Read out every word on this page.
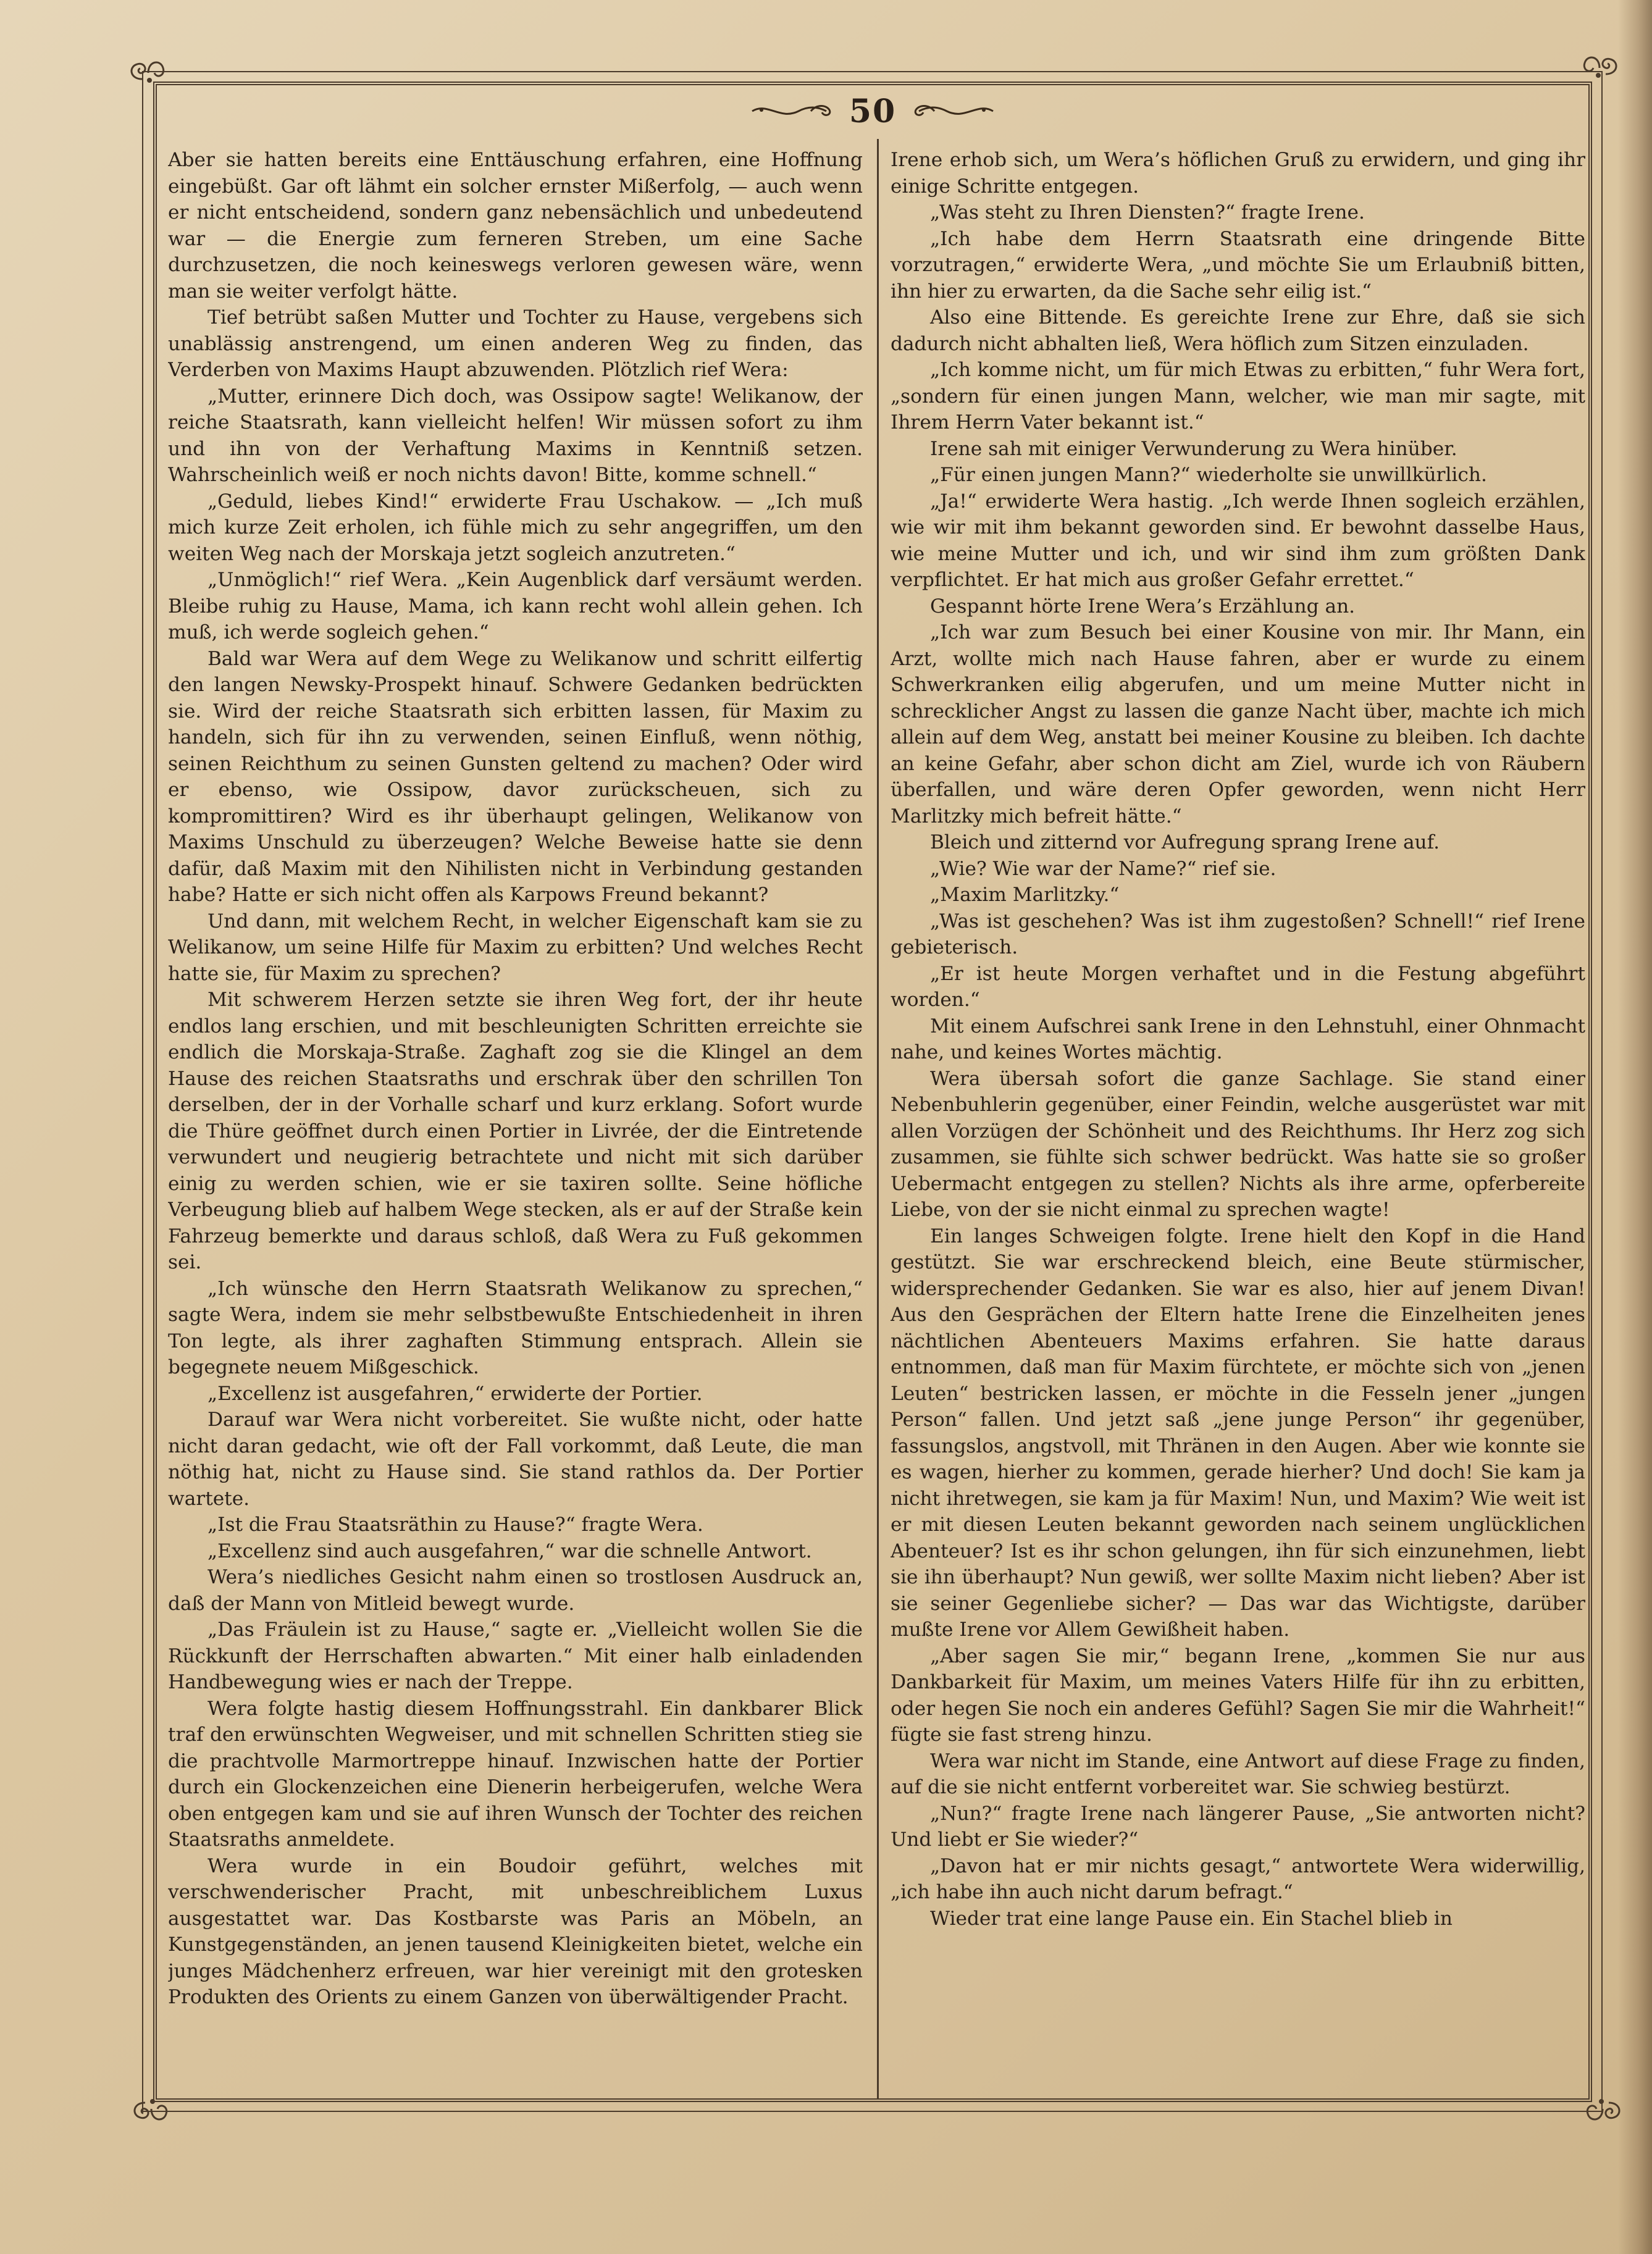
50

Aber sie hatten bereits eine Enttäuschung erfahren, eine Hoffnung eingebüßt. Gar oft lähmt ein solcher ernster Mißerfolg, — auch wenn er nicht entscheidend, sondern ganz nebensächlich und unbedeutend war — die Energie zum ferneren Streben, um eine Sache durchzusetzen, die noch keineswegs verloren gewesen wäre, wenn man sie weiter verfolgt hätte.

Tief betrübt saßen Mutter und Tochter zu Hause, vergebens sich unablässig anstrengend, um einen anderen Weg zu finden, das Verderben von Maxims Haupt abzuwenden. Plötzlich rief Wera:

„Mutter, erinnere Dich doch, was Ossipow sagte! Welikanow, der reiche Staatsrath, kann vielleicht helfen! Wir müssen sofort zu ihm und ihn von der Verhaftung Maxims in Kenntniß setzen. Wahrscheinlich weiß er noch nichts davon! Bitte, komme schnell.“

„Geduld, liebes Kind!“ erwiderte Frau Uschakow. — „Ich muß mich kurze Zeit erholen, ich fühle mich zu sehr angegriffen, um den weiten Weg nach der Morskaja jetzt sogleich anzutreten.“

„Unmöglich!“ rief Wera. „Kein Augenblick darf versäumt werden. Bleibe ruhig zu Hause, Mama, ich kann recht wohl allein gehen. Ich muß, ich werde sogleich gehen.“

Bald war Wera auf dem Wege zu Welikanow und schritt eilfertig den langen Newsky-Prospekt hinauf. Schwere Gedanken bedrückten sie. Wird der reiche Staatsrath sich erbitten lassen, für Maxim zu handeln, sich für ihn zu verwenden, seinen Einfluß, wenn nöthig, seinen Reichthum zu seinen Gunsten geltend zu machen? Oder wird er ebenso, wie Ossipow, davor zurückscheuen, sich zu kompromittiren? Wird es ihr überhaupt gelingen, Welikanow von Maxims Unschuld zu überzeugen? Welche Beweise hatte sie denn dafür, daß Maxim mit den Nihilisten nicht in Verbindung gestanden habe? Hatte er sich nicht offen als Karpows Freund bekannt?

Und dann, mit welchem Recht, in welcher Eigenschaft kam sie zu Welikanow, um seine Hilfe für Maxim zu erbitten? Und welches Recht hatte sie, für Maxim zu sprechen?

Mit schwerem Herzen setzte sie ihren Weg fort, der ihr heute endlos lang erschien, und mit beschleunigten Schritten erreichte sie endlich die Morskaja-Straße. Zaghaft zog sie die Klingel an dem Hause des reichen Staatsraths und erschrak über den schrillen Ton derselben, der in der Vorhalle scharf und kurz erklang. Sofort wurde die Thüre geöffnet durch einen Portier in Livrée, der die Eintretende verwundert und neugierig betrachtete und nicht mit sich darüber einig zu werden schien, wie er sie taxiren sollte. Seine höfliche Verbeugung blieb auf halbem Wege stecken, als er auf der Straße kein Fahrzeug bemerkte und daraus schloß, daß Wera zu Fuß gekommen sei.

„Ich wünsche den Herrn Staatsrath Welikanow zu sprechen,“ sagte Wera, indem sie mehr selbstbewußte Entschiedenheit in ihren Ton legte, als ihrer zaghaften Stimmung entsprach. Allein sie begegnete neuem Mißgeschick.

„Excellenz ist ausgefahren,“ erwiderte der Portier.

Darauf war Wera nicht vorbereitet. Sie wußte nicht, oder hatte nicht daran gedacht, wie oft der Fall vorkommt, daß Leute, die man nöthig hat, nicht zu Hause sind. Sie stand rathlos da. Der Portier wartete.

„Ist die Frau Staatsräthin zu Hause?“ fragte Wera.

„Excellenz sind auch ausgefahren,“ war die schnelle Antwort.

Wera’s niedliches Gesicht nahm einen so trostlosen Ausdruck an, daß der Mann von Mitleid bewegt wurde.

„Das Fräulein ist zu Hause,“ sagte er. „Vielleicht wollen Sie die Rückkunft der Herrschaften abwarten.“ Mit einer halb einladenden Handbewegung wies er nach der Treppe.

Wera folgte hastig diesem Hoffnungsstrahl. Ein dankbarer Blick traf den erwünschten Wegweiser, und mit schnellen Schritten stieg sie die prachtvolle Marmortreppe hinauf. Inzwischen hatte der Portier durch ein Glockenzeichen eine Dienerin herbeigerufen, welche Wera oben entgegen kam und sie auf ihren Wunsch der Tochter des reichen Staatsraths anmeldete.

Wera wurde in ein Boudoir geführt, welches mit verschwenderischer Pracht, mit unbeschreiblichem Luxus ausgestattet war. Das Kostbarste was Paris an Möbeln, an Kunstgegenständen, an jenen tausend Kleinigkeiten bietet, welche ein junges Mädchenherz erfreuen, war hier vereinigt mit den grotesken Produkten des Orients zu einem Ganzen von überwältigender Pracht.

Irene erhob sich, um Wera’s höflichen Gruß zu erwidern, und ging ihr einige Schritte entgegen.

„Was steht zu Ihren Diensten?“ fragte Irene.

„Ich habe dem Herrn Staatsrath eine dringende Bitte vorzutragen,“ erwiderte Wera, „und möchte Sie um Erlaubniß bitten, ihn hier zu erwarten, da die Sache sehr eilig ist.“

Also eine Bittende. Es gereichte Irene zur Ehre, daß sie sich dadurch nicht abhalten ließ, Wera höflich zum Sitzen einzuladen.

„Ich komme nicht, um für mich Etwas zu erbitten,“ fuhr Wera fort, „sondern für einen jungen Mann, welcher, wie man mir sagte, mit Ihrem Herrn Vater bekannt ist.“

Irene sah mit einiger Verwunderung zu Wera hinüber.

„Für einen jungen Mann?“ wiederholte sie unwillkürlich.

„Ja!“ erwiderte Wera hastig. „Ich werde Ihnen sogleich erzählen, wie wir mit ihm bekannt geworden sind. Er bewohnt dasselbe Haus, wie meine Mutter und ich, und wir sind ihm zum größten Dank verpflichtet. Er hat mich aus großer Gefahr errettet.“

Gespannt hörte Irene Wera’s Erzählung an.

„Ich war zum Besuch bei einer Kousine von mir. Ihr Mann, ein Arzt, wollte mich nach Hause fahren, aber er wurde zu einem Schwerkranken eilig abgerufen, und um meine Mutter nicht in schrecklicher Angst zu lassen die ganze Nacht über, machte ich mich allein auf dem Weg, anstatt bei meiner Kousine zu bleiben. Ich dachte an keine Gefahr, aber schon dicht am Ziel, wurde ich von Räubern überfallen, und wäre deren Opfer geworden, wenn nicht Herr Marlitzky mich befreit hätte.“

Bleich und zitternd vor Aufregung sprang Irene auf.

„Wie? Wie war der Name?“ rief sie.

„Maxim Marlitzky.“

„Was ist geschehen? Was ist ihm zugestoßen? Schnell!“ rief Irene gebieterisch.

„Er ist heute Morgen verhaftet und in die Festung abgeführt worden.“

Mit einem Aufschrei sank Irene in den Lehnstuhl, einer Ohnmacht nahe, und keines Wortes mächtig.

Wera übersah sofort die ganze Sachlage. Sie stand einer Nebenbuhlerin gegenüber, einer Feindin, welche ausgerüstet war mit allen Vorzügen der Schönheit und des Reichthums. Ihr Herz zog sich zusammen, sie fühlte sich schwer bedrückt. Was hatte sie so großer Uebermacht entgegen zu stellen? Nichts als ihre arme, opferbereite Liebe, von der sie nicht einmal zu sprechen wagte!

Ein langes Schweigen folgte. Irene hielt den Kopf in die Hand gestützt. Sie war erschreckend bleich, eine Beute stürmischer, widersprechender Gedanken. Sie war es also, hier auf jenem Divan! Aus den Gesprächen der Eltern hatte Irene die Einzelheiten jenes nächtlichen Abenteuers Maxims erfahren. Sie hatte daraus entnommen, daß man für Maxim fürchtete, er möchte sich von „jenen Leuten“ bestricken lassen, er möchte in die Fesseln jener „jungen Person“ fallen. Und jetzt saß „jene junge Person“ ihr gegenüber, fassungslos, angstvoll, mit Thränen in den Augen. Aber wie konnte sie es wagen, hierher zu kommen, gerade hierher? Und doch! Sie kam ja nicht ihretwegen, sie kam ja für Maxim! Nun, und Maxim? Wie weit ist er mit diesen Leuten bekannt geworden nach seinem unglücklichen Abenteuer? Ist es ihr schon gelungen, ihn für sich einzunehmen, liebt sie ihn überhaupt? Nun gewiß, wer sollte Maxim nicht lieben? Aber ist sie seiner Gegenliebe sicher? — Das war das Wichtigste, darüber mußte Irene vor Allem Gewißheit haben.

„Aber sagen Sie mir,“ begann Irene, „kommen Sie nur aus Dankbarkeit für Maxim, um meines Vaters Hilfe für ihn zu erbitten, oder hegen Sie noch ein anderes Gefühl? Sagen Sie mir die Wahrheit!“ fügte sie fast streng hinzu.

Wera war nicht im Stande, eine Antwort auf diese Frage zu finden, auf die sie nicht entfernt vorbereitet war. Sie schwieg bestürzt.

„Nun?“ fragte Irene nach längerer Pause, „Sie antworten nicht? Und liebt er Sie wieder?“

„Davon hat er mir nichts gesagt,“ antwortete Wera widerwillig, „ich habe ihn auch nicht darum befragt.“

Wieder trat eine lange Pause ein. Ein Stachel blieb in
